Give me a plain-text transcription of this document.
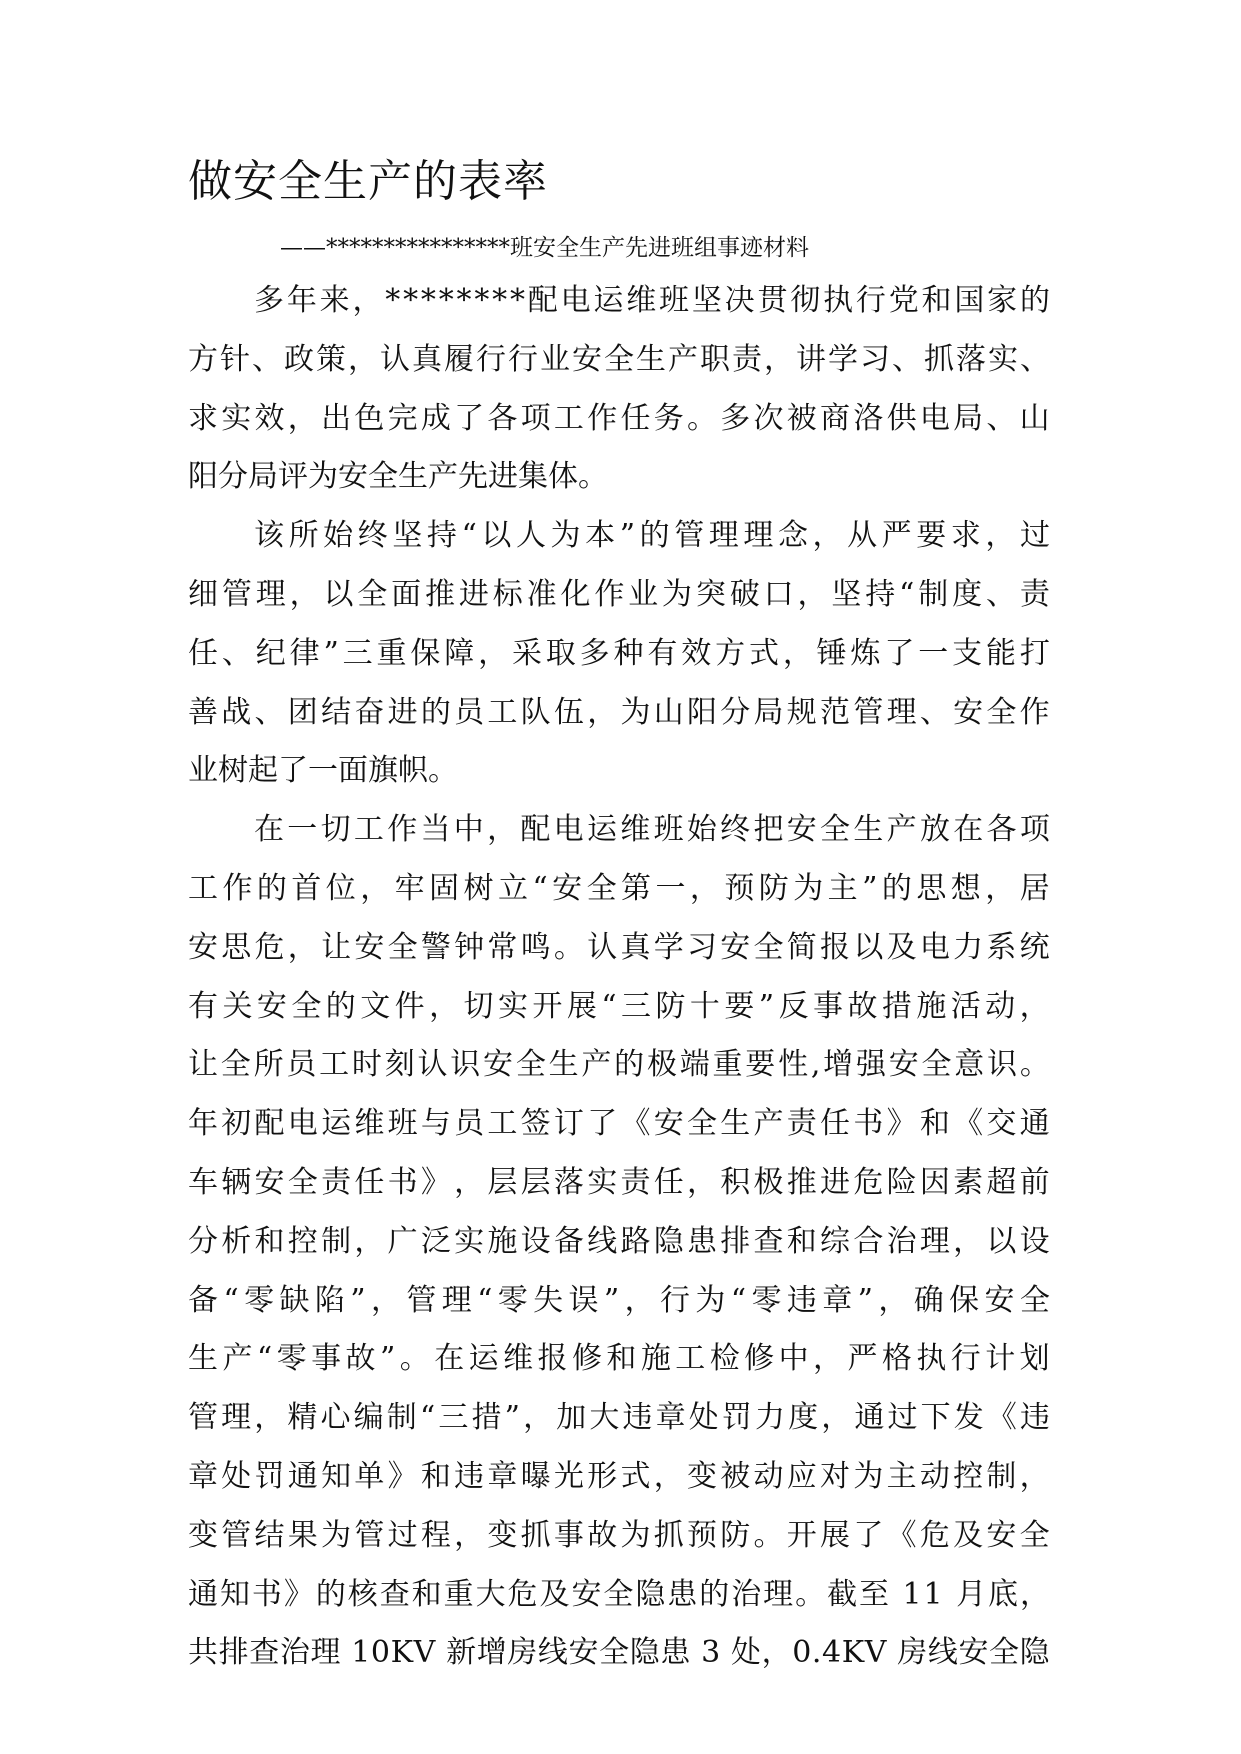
做安全生产的表率
——****************班安全生产先进班组事迹材料
多 年 来 ， * * * * * * * * 配 电 运 维 班 坚 决 贯 彻 执 行 党 和 国 家 的
方 针 、 政 策 ， 认 真 履 行 行 业 安 全 生 产 职 责 ， 讲 学 习 、 抓 落 实 、
求 实 效 ， 出 色 完 成 了 各 项 工 作 任 务 。 多 次 被 商 洛 供 电 局 、 山
阳分局评为安全生产先进集体。
该 所 始 终 坚 持 “ 以 人 为 本 ” 的 管 理 理 念 ， 从 严 要 求 ， 过
细 管 理 ， 以 全 面 推 进 标 准 化 作 业 为 突 破 口 ， 坚 持 “ 制 度 、 责
任 、 纪 律 ” 三 重 保 障 ， 采 取 多 种 有 效 方 式 ， 锤 炼 了 一 支 能 打
善 战 、 团 结 奋 进 的 员 工 队 伍 ， 为 山 阳 分 局 规 范 管 理 、 安 全 作
业树起了一面旗帜。
在 一 切 工 作 当 中 ， 配 电 运 维 班 始 终 把 安 全 生 产 放 在 各 项
工 作 的 首 位 ， 牢 固 树 立 “ 安 全 第 一 ， 预 防 为 主 ” 的 思 想 ， 居
安 思 危 ， 让 安 全 警 钟 常 鸣 。 认 真 学 习 安 全 简 报 以 及 电 力 系 统
有 关 安 全 的 文 件 ， 切 实 开 展 “ 三 防 十 要 ” 反 事 故 措 施 活 动 ，
让 全 所 员 工 时 刻 认 识 安 全 生 产 的 极 端 重 要 性 , 增 强 安 全 意 识 。
年 初 配 电 运 维 班 与 员 工 签 订 了 《 安 全 生 产 责 任 书 》 和 《 交 通
车 辆 安 全 责 任 书 》 ， 层 层 落 实 责 任 ， 积 极 推 进 危 险 因 素 超 前
分 析 和 控 制 ， 广 泛 实 施 设 备 线 路 隐 患 排 查 和 综 合 治 理 ， 以 设
备 “ 零 缺 陷 ” ， 管 理 “ 零 失 误 ” ， 行 为 “ 零 违 章 ” ， 确 保 安 全
生 产 “ 零 事 故 ” 。 在 运 维 报 修 和 施 工 检 修 中 ， 严 格 执 行 计 划
管 理 ， 精 心 编 制 “ 三 措 ” ， 加 大 违 章 处 罚 力 度 ， 通 过 下 发 《 违
章 处 罚 通 知 单 》 和 违 章 曝 光 形 式 ， 变 被 动 应 对 为 主 动 控 制 ，
变 管 结 果 为 管 过 程 ， 变 抓 事 故 为 抓 预 防 。 开 展 了 《 危 及 安 全
通 知 书 》 的 核 查 和 重 大 危 及 安 全 隐 患 的 治 理 。 截 至
1 1
月 底 ，
共 排 查 治 理
1 0 K V
新 增 房 线 安 全 隐 患
3
处 ， 0 . 4 K V
房 线 安 全 隐
